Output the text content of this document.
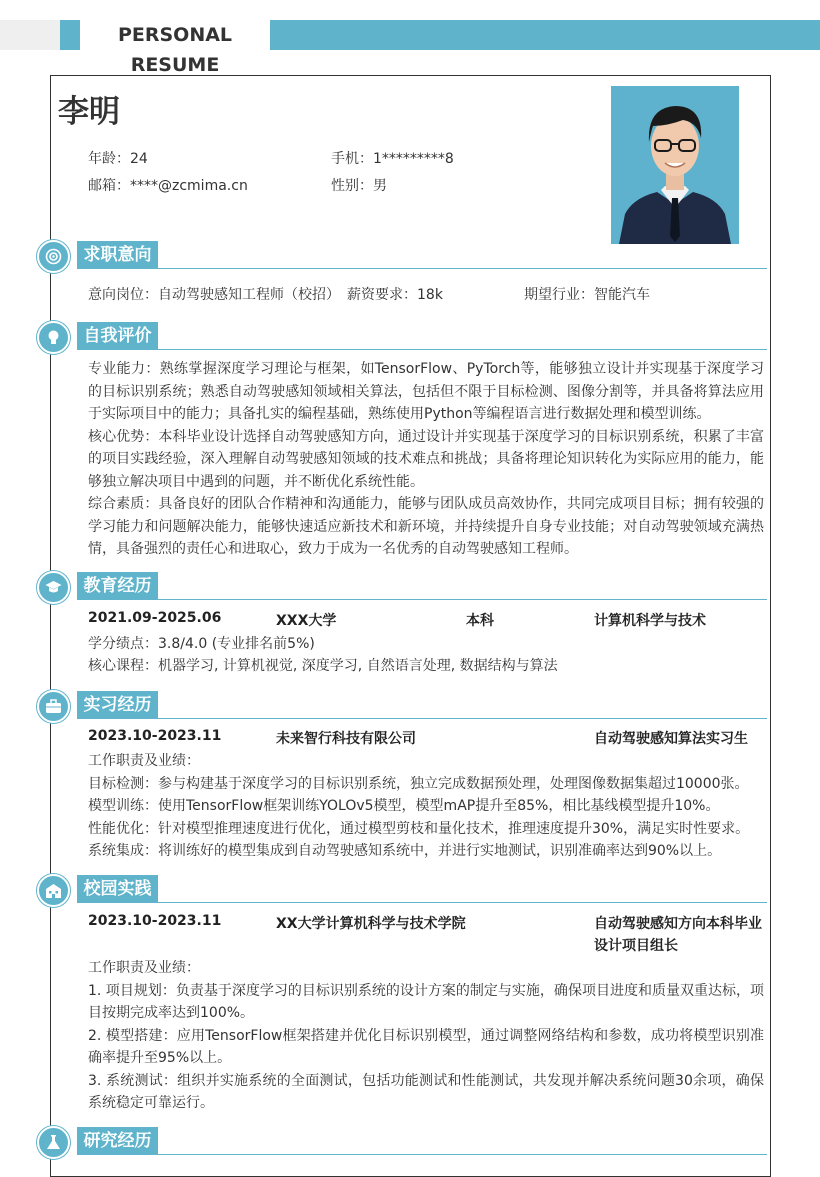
PERSONAL RESUME
李明
年龄：24	手机：1*********8
邮箱：****@zcmima.cn	性别：男
求职意向
意向岗位：自动驾驶感知工程师（校招） 薪资要求：18k	期望行业：智能汽车
自我评价
专业能力：熟练掌握深度学习理论与框架，如TensorFlow、PyTorch等，能够独立设计并实现基于深度学习的目标识别系统；熟悉自动驾驶感知领域相关算法，包括但不限于目标检测、图像分割等，并具备将算法应用于实际项目中的能力；具备扎实的编程基础，熟练使用Python等编程语言进行数据处理和模型训练。
核心优势：本科毕业设计选择自动驾驶感知方向，通过设计并实现基于深度学习的目标识别系统，积累了丰富的项目实践经验，深入理解自动驾驶感知领域的技术难点和挑战；具备将理论知识转化为实际应用的能力，能够独立解决项目中遇到的问题，并不断优化系统性能。
综合素质：具备良好的团队合作精神和沟通能力，能够与团队成员高效协作，共同完成项目目标；拥有较强的学习能力和问题解决能力，能够快速适应新技术和新环境，并持续提升自身专业技能；对自动驾驶领域充满热情，具备强烈的责任心和进取心，致力于成为一名优秀的自动驾驶感知工程师。
教育经历
2021.09-2025.06	XXX大学	本科	计算机科学与技术
学分绩点：3.8/4.0 (专业排名前5%)
核心课程：机器学习, 计算机视觉, 深度学习, 自然语言处理, 数据结构与算法
实习经历
2023.10-2023.11	未来智行科技有限公司	自动驾驶感知算法实习生
工作职责及业绩：
目标检测：参与构建基于深度学习的目标识别系统，独立完成数据预处理，处理图像数据集超过10000张。
模型训练：使用TensorFlow框架训练YOLOv5模型，模型mAP提升至85%，相比基线模型提升10%。
性能优化：针对模型推理速度进行优化，通过模型剪枝和量化技术，推理速度提升30%，满足实时性要求。
系统集成：将训练好的模型集成到自动驾驶感知系统中，并进行实地测试，识别准确率达到90%以上。
校园实践
2023.10-2023.11	XX大学计算机科学与技术学院	自动驾驶感知方向本科毕业
设计项目组长
工作职责及业绩：
1. 项目规划：负责基于深度学习的目标识别系统的设计方案的制定与实施，确保项目进度和质量双重达标，项目按期完成率达到100%。
2. 模型搭建：应用TensorFlow框架搭建并优化目标识别模型，通过调整网络结构和参数，成功将模型识别准确率提升至95%以上。
3. 系统测试：组织并实施系统的全面测试，包括功能测试和性能测试，共发现并解决系统问题30余项，确保系统稳定可靠运行。
研究经历
